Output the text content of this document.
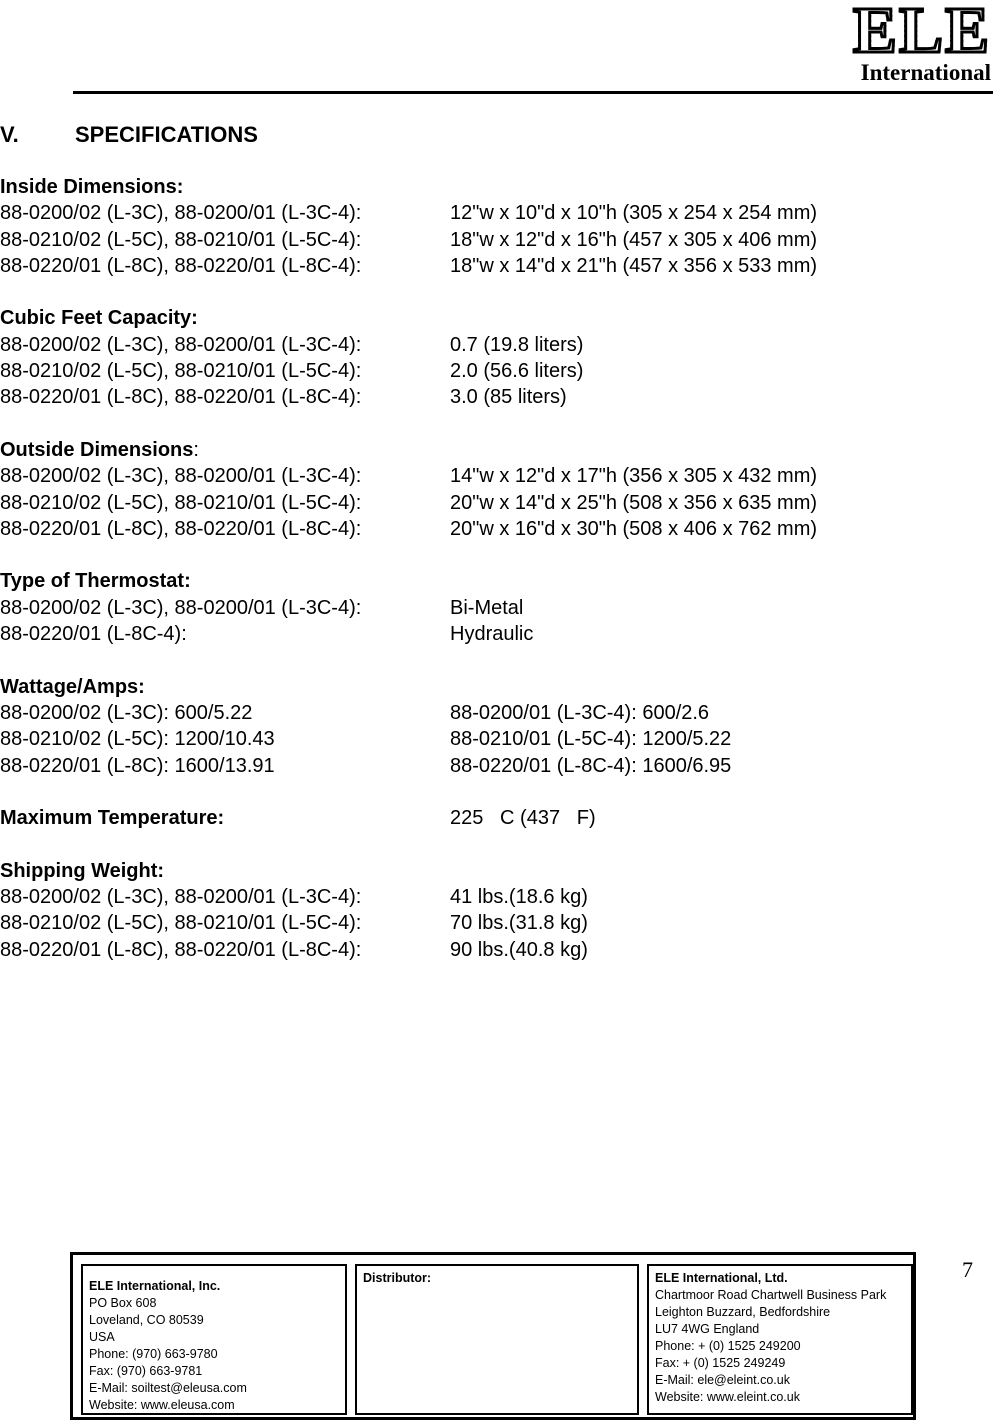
ELE
International
V.	SPECIFICATIONS
Inside Dimensions:
88-0200/02 (L-3C), 88-0200/01 (L-3C-4):	12"w x 10"d x 10"h (305 x 254 x 254 mm)
88-0210/02 (L-5C), 88-0210/01 (L-5C-4):	18"w x 12"d x 16"h (457 x 305 x 406 mm)
88-0220/01 (L-8C), 88-0220/01 (L-8C-4):	18"w x 14"d x 21"h (457 x 356 x 533 mm)
Cubic Feet Capacity:
88-0200/02 (L-3C), 88-0200/01 (L-3C-4):	0.7 (19.8 liters)
88-0210/02 (L-5C), 88-0210/01 (L-5C-4):	2.0 (56.6 liters)
88-0220/01 (L-8C), 88-0220/01 (L-8C-4):	3.0 (85 liters)
Outside Dimensions:
88-0200/02 (L-3C), 88-0200/01 (L-3C-4):	14"w x 12"d x 17"h (356 x 305 x 432 mm)
88-0210/02 (L-5C), 88-0210/01 (L-5C-4):	20"w x 14"d x 25"h (508 x 356 x 635 mm)
88-0220/01 (L-8C), 88-0220/01 (L-8C-4):	20"w x 16"d x 30"h (508 x 406 x 762 mm)
Type of Thermostat:
88-0200/02 (L-3C), 88-0200/01 (L-3C-4):	Bi-Metal
88-0220/01 (L-8C-4):	Hydraulic
Wattage/Amps:
88-0200/02 (L-3C): 600/5.22	88-0200/01 (L-3C-4): 600/2.6
88-0210/02 (L-5C): 1200/10.43	88-0210/01 (L-5C-4): 1200/5.22
88-0220/01 (L-8C): 1600/13.91	88-0220/01 (L-8C-4): 1600/6.95
Maximum Temperature:	225   C (437   F)
Shipping Weight:
88-0200/02 (L-3C), 88-0200/01 (L-3C-4):	41 lbs.(18.6 kg)
88-0210/02 (L-5C), 88-0210/01 (L-5C-4):	70 lbs.(31.8 kg)
88-0220/01 (L-8C), 88-0220/01 (L-8C-4):	90 lbs.(40.8 kg)
7
ELE International, Inc.
PO Box 608
Loveland, CO 80539
USA
Phone: (970) 663-9780
Fax: (970) 663-9781
E-Mail: soiltest@eleusa.com
Website: www.eleusa.com
Distributor:	ELE International, Ltd.
Chartmoor Road Chartwell Business Park
Leighton Buzzard, Bedfordshire
LU7 4WG England
Phone: + (0) 1525 249200
Fax: + (0) 1525 249249
E-Mail: ele@eleint.co.uk
Website: www.eleint.co.uk
